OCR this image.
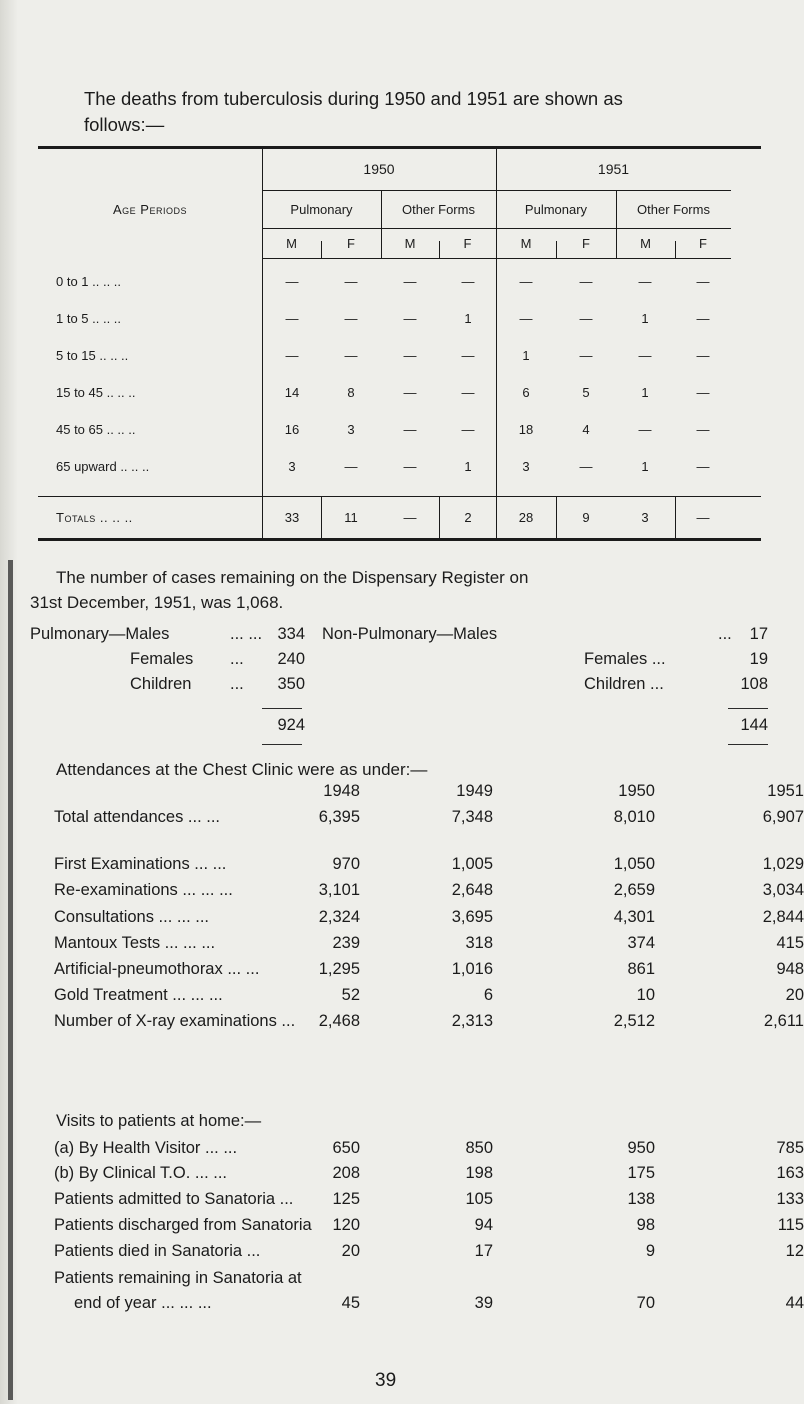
The deaths from tuberculosis during 1950 and 1951 are shown as
follows:—
Age Periods
1950	1951
Pulmonary	Other Forms	Pulmonary	Other Forms
M	F	M	F	M	F	M	F
0 to 1 .. .. ..	—	—	—	—	—	—	—	—
1 to 5 .. .. ..	—	—	—	1	—	—	1	—
5 to 15 .. .. ..	—	—	—	—	1	—	—	—
15 to 45 .. .. ..	14	8	—	—	6	5	1	—
45 to 65 .. .. ..	16	3	—	—	18	4	—	—
65 upward .. .. ..	3	—	—	1	3	—	1	—
Totals .. .. ..	33	11	—	2	28	9	3	—
The number of cases remaining on the Dispensary Register on
31st December, 1951, was 1,068.
Pulmonary—Males	... ... 334
Females ...	240
Children ...	350
924
Non-Pulmonary—Males	...	17
Females ...	19
Children ...	108
144
Attendances at the Chest Clinic were as under:—
1948	1949	1950	1951
Total attendances ... ...	6,395	7,348	8,010	6,907
First Examinations ... ...	970	1,005	1,050	1,029
Re-examinations ... ... ...	3,101	2,648	2,659	3,034
Consultations ... ... ...	2,324	3,695	4,301	2,844
Mantoux Tests ... ... ...	239	318	374	415
Artificial-pneumothorax ... ...	1,295	1,016	861	948
Gold Treatment ... ... ...	52	6	10	20
Number of X-ray examinations ...	2,468	2,313	2,512	2,611
Visits to patients at home:—
(a) By Health Visitor ... ...	650	850	950	785
(b) By Clinical T.O. ... ...	208	198	175	163
Patients admitted to Sanatoria ...	125	105	138	133
Patients discharged from Sanatoria	120	94	98	115
Patients died in Sanatoria ...	20	17	9	12
Patients remaining in Sanatoria at
end of year ... ... ...	45	39	70	44
39
